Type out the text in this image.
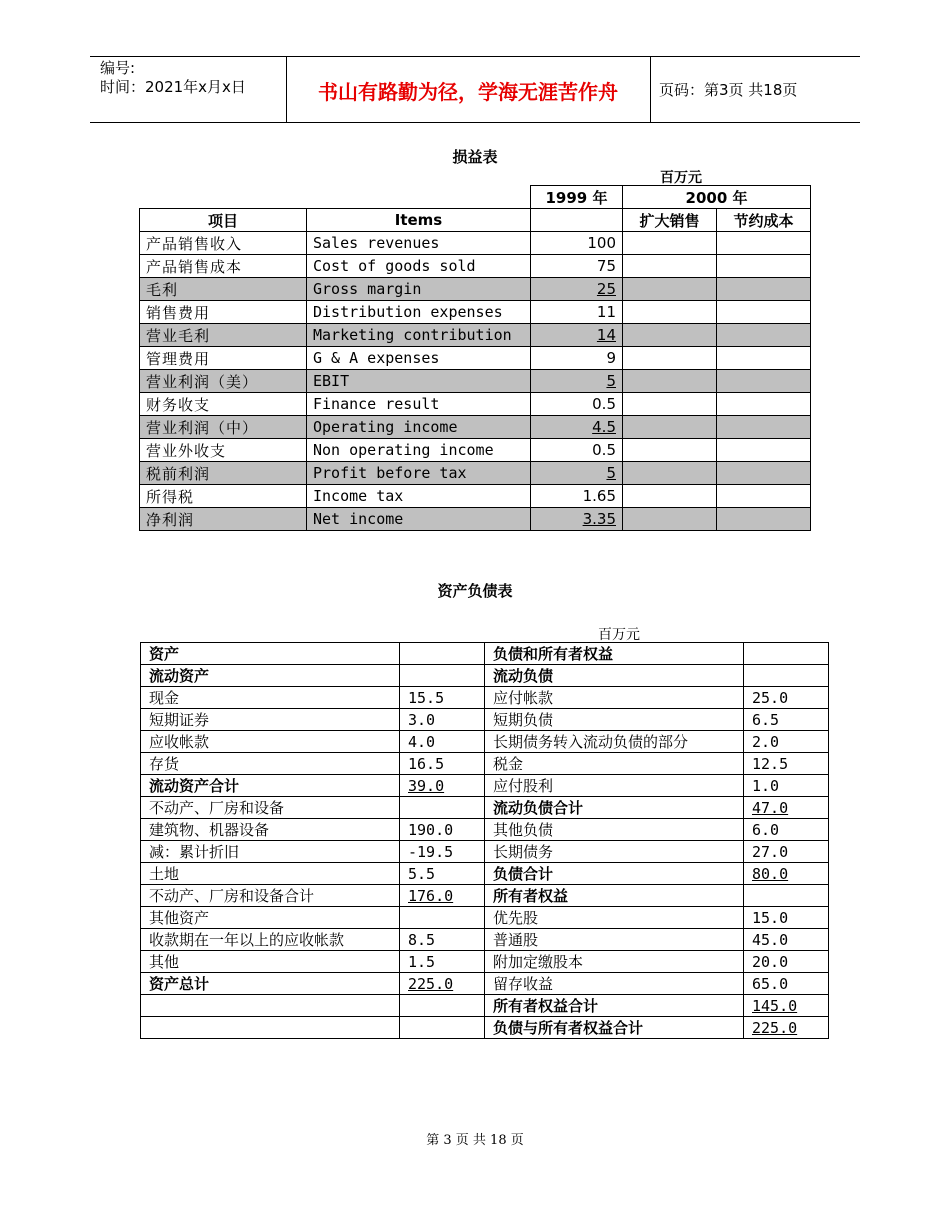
编号:
时间：2021年x月x日	书山有路勤为径，学海无涯苦作舟	页码：第3页 共18页
损益表
百万元
		1999 年	2000 年	
项目	Items		扩大销售	节约成本
产品销售收入	Sales revenues	100		
产品销售成本	Cost of goods sold	75		
毛利	Gross margin	25		
销售费用	Distribution expenses	11		
营业毛利	Marketing contribution	14		
管理费用	G & A expenses	9		
营业利润（美）	EBIT	5		
财务收支	Finance result	0.5		
营业利润（中）	Operating income	4.5		
营业外收支	Non operating income	0.5		
税前利润	Profit before tax	5		
所得税	Income tax	1.65		
净利润	Net income	3.35		
资产负债表
百万元
资产		负债和所有者权益	
流动资产		流动负债	
现金	15.5	应付帐款	25.0
短期证券	3.0	短期负债	6.5
应收帐款	4.0	长期债务转入流动负债的部分	2.0
存货	16.5	税金	12.5
流动资产合计	39.0	应付股利	1.0
不动产、厂房和设备		流动负债合计	47.0
建筑物、机器设备	190.0	其他负债	6.0
减：累计折旧	-19.5	长期债务	27.0
土地	5.5	负债合计	80.0
不动产、厂房和设备合计	176.0	所有者权益	
其他资产		优先股	15.0
收款期在一年以上的应收帐款	8.5	普通股	45.0
其他	1.5	附加定缴股本	20.0
资产总计	225.0	留存收益	65.0
		所有者权益合计	145.0
		负债与所有者权益合计	225.0
第 3 页 共 18 页
